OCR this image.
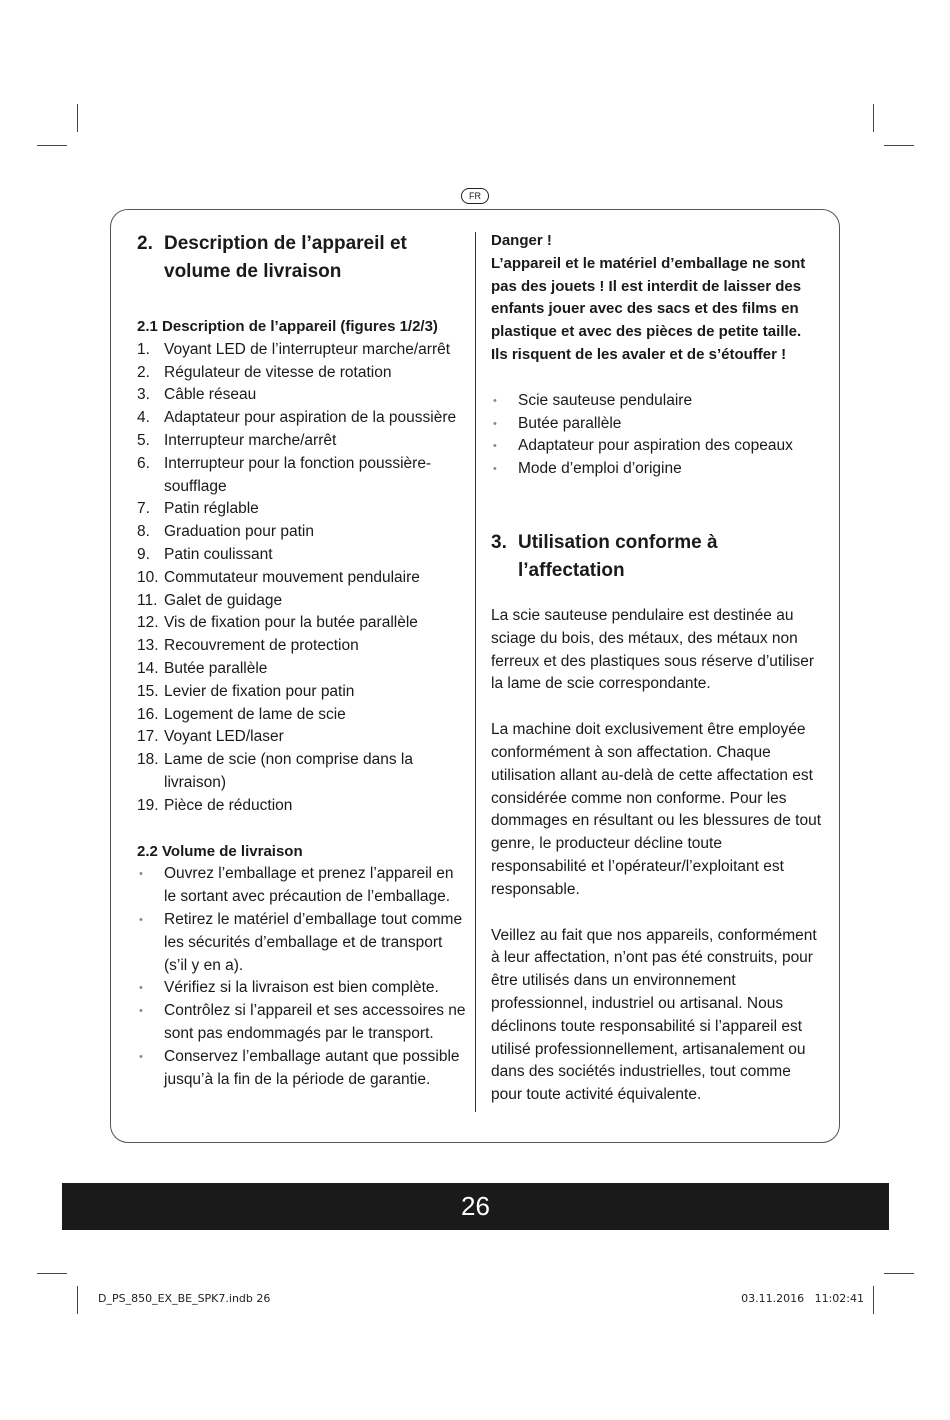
FR
2. Description de l’appareil et volume de livraison

2.1 Description de l’appareil (figures 1/2/3)

1. Voyant LED de l’interrupteur marche/arrêt
2. Régulateur de vitesse de rotation
3. Câble réseau
4. Adaptateur pour aspiration de la poussière
5. Interrupteur marche/arrêt
6. Interrupteur pour la fonction poussière-soufflage
7. Patin réglable
8. Graduation pour patin
9. Patin coulissant
10. Commutateur mouvement pendulaire
11. Galet de guidage
12. Vis de fixation pour la butée parallèle
13. Recouvrement de protection
14. Butée parallèle
15. Levier de fixation pour patin
16. Logement de lame de scie
17. Voyant LED/laser
18. Lame de scie (non comprise dans la livraison)
19. Pièce de réduction

2.2 Volume de livraison

•	Ouvrez l’emballage et prenez l’appareil en le sortant avec précaution de l’emballage.
•	Retirez le matériel d’emballage tout comme les sécurités d’emballage et de transport (s’il y en a).
•	Vérifiez si la livraison est bien complète.
•	Contrôlez si l’appareil et ses accessoires ne sont pas endommagés par le transport.
•	Conservez l’emballage autant que possible jusqu’à la fin de la période de garantie.

Danger !

L’appareil et le matériel d’emballage ne sont pas des jouets ! Il est interdit de laisser des enfants jouer avec des sacs et des films en plastique et avec des pièces de petite taille. Ils risquent de les avaler et de s’étouffer !

•	Scie sauteuse pendulaire
•	Butée parallèle
•	Adaptateur pour aspiration des copeaux
•	Mode d’emploi d’origine
3. Utilisation conforme à l’affectation

La scie sauteuse pendulaire est destinée au sciage du bois, des métaux, des métaux non ferreux et des plastiques sous réserve d’utiliser la lame de scie correspondante.

La machine doit exclusivement être employée conformément à son affectation. Chaque utilisation allant au-delà de cette affectation est considérée comme non conforme. Pour les dommages en résultant ou les blessures de tout genre, le producteur décline toute responsabilité et l’opérateur/l’exploitant est responsable.

Veillez au fait que nos appareils, conformément à leur affectation, n’ont pas été construits, pour être utilisés dans un environnement professionnel, industriel ou artisanal. Nous déclinons toute responsabilité si l’appareil est utilisé professionnellement, artisanalement ou dans des sociétés industrielles, tout comme pour toute activité équivalente.

26
D_PS_850_EX_BE_SPK7.indb 26	03.11.2016   11:02:41
